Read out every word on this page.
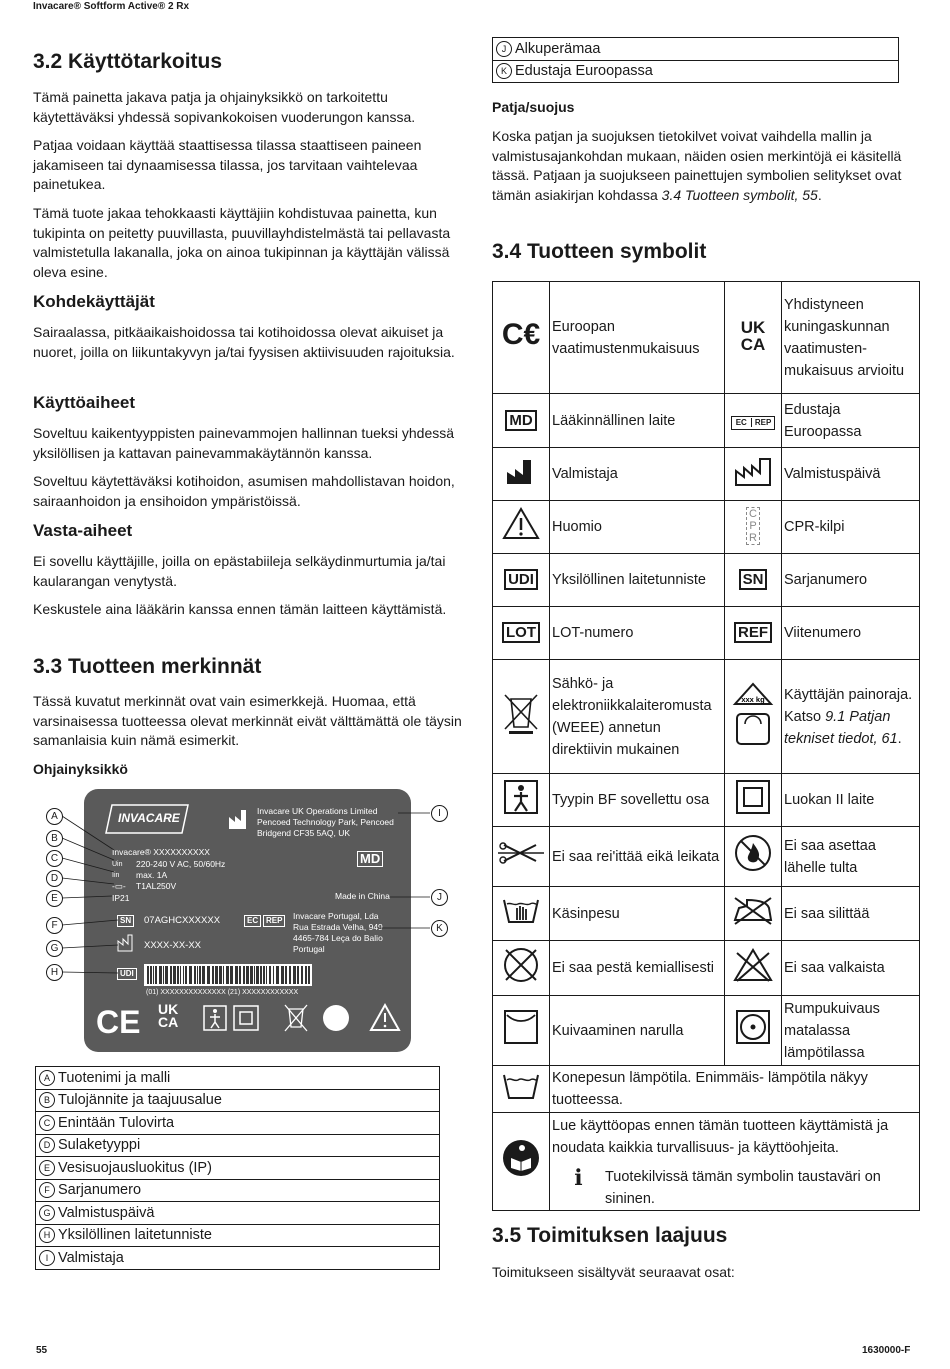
Invacare® Softform Active® 2 Rx
55	1630000-F
3.2 Käyttötarkoitus
Tämä painetta jakava patja ja ohjainyksikkö on tarkoitettu käytettäväksi yhdessä sopivankokoisen vuoderungon kanssa.
Patjaa voidaan käyttää staattisessa tilassa staattiseen paineen jakamiseen tai dynaamisessa tilassa, jos tarvitaan vaihtelevaa painetukea.
Tämä tuote jakaa tehokkaasti käyttäjiin kohdistuvaa painetta, kun tukipinta on peitetty puuvillasta, puuvillayhdistelmästä tai pellavasta valmistetulla lakanalla, joka on ainoa tukipinnan ja käyttäjän välissä oleva esine.
Kohdekäyttäjät
Sairaalassa, pitkäaikaishoidossa tai kotihoidossa olevat aikuiset ja nuoret, joilla on liikuntakyvyn ja/tai fyysisen aktiivisuuden rajoituksia.
Käyttöaiheet
Soveltuu kaikentyyppisten painevammojen hallinnan tueksi yhdessä yksilöllisen ja kattavan painevammakäytännön kanssa.
Soveltuu käytettäväksi kotihoidon, asumisen mahdollistavan hoidon, sairaanhoidon ja ensihoidon ympäristöissä.
Vasta-aiheet
Ei sovellu käyttäjille, joilla on epästabiileja selkäydinmurtumia ja/tai kaularangan venytystä.
Keskustele aina lääkärin kanssa ennen tämän laitteen käyttämistä.
3.3 Tuotteen merkinnät
Tässä kuvatut merkinnät ovat vain esimerkkejä. Huomaa, että varsinaisessa tuotteessa olevat merkinnät eivät välttämättä ole täysin samanlaisia kuin nämä esimerkit.
Ohjainyksikkö
CE
INVACARE	Invacare UK Operations Limited
Pencoed Technology Park, Pencoed
Bridgend CF35 5AQ, UK
Invacare® XXXXXXXXXX
Uin 220-240 V AC, 50/60Hz
Iin max. 1A
-▭- T1AL250V
IP21
MD
Made in China
SN	07AGHCXXXXXX	EC REP	Invacare Portugal, Lda
Rua Estrada Velha, 949
4465-784 Leça do Balio
Portugal
XXXX-XX-XX
UDI
(01) XXXXXXXXXXXXXX (21) XXXXXXXXXXXX
UK CA
A
B
C
D
E
F
G
H
I
J
K
A Tuotenimi ja malli
B Tulojännite ja taajuusalue
C Enintään Tulovirta
D Sulaketyyppi
E Vesisuojausluokitus (IP)
F Sarjanumero
G Valmistuspäivä
H Yksilöllinen laitetunniste
I Valmistaja
J Alkuperämaa
K Edustaja Euroopassa
Patja/suojus
Koska patjan ja suojuksen tietokilvet voivat vaihdella mallin ja valmistusajankohdan mukaan, näiden osien merkintöjä ei käsitellä tässä. Patjaan ja suojukseen painettujen symbolien selitykset ovat tämän asiakirjan kohdassa 3.4 Tuotteen symbolit, 55.
3.4 Tuotteen symbolit
C€	Euroopan vaatimustenmukaisuus	UK CA	Yhdistyneen kuningaskunnan vaatimusten-mukaisuus arvioitu
MD	Lääkinnällinen laite	EC REP	Edustaja Euroopassa
	Valmistaja		Valmistuspäivä
	Huomio	C P R	CPR-kilpi
UDI	Yksilöllinen laitetunniste	SN	Sarjanumero
LOT	LOT-numero	REF	Viitenumero
	Sähkö- ja elektroniikkalaiteromusta (WEEE) annetun direktiivin mukainen	xxx kg	Käyttäjän painoraja. Katso 9.1 Patjan tekniset tiedot, 61.
	Tyypin BF sovellettu osa		Luokan II laite
	Ei saa rei'ittää eikä leikata		Ei saa asettaa lähelle tulta
	Käsinpesu		Ei saa silittää
	Ei saa pestä kemiallisesti		Ei saa valkaista
	Kuivaaminen narulla		Rumpukuivaus matalassa lämpötilassa
	Konepesun lämpötila. Enimmäis- lämpötila näkyy tuotteessa.		

Lue käyttöopas ennen tämän tuotteen käyttämistä ja noudata kaikkia turvallisuus- ja käyttöohjeita.
ℹ Tuotekilvissä tämän symbolin taustaväri on sininen.		
3.5 Toimituksen laajuus
Toimitukseen sisältyvät seuraavat osat:
